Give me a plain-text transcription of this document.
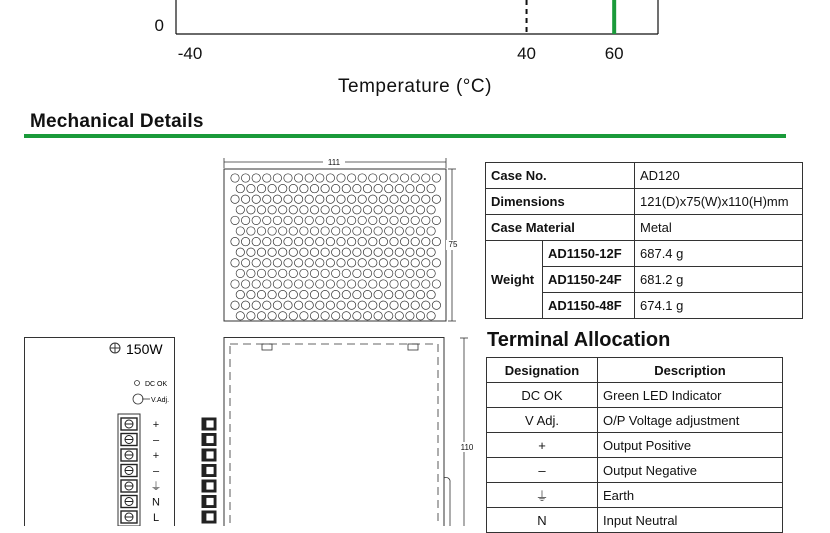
-40	40	60
0
Temperature (°C)
Mechanical Details
111
75
150W
DC OK
V.Adj.
+
–
+
–
⏚
N
L
110
Case No.		AD120
Dimensions		121(D)x75(W)x110(H)mm
Case Material		Metal
Weight	AD1150-12F	687.4 g
	AD1150-24F	681.2 g
	AD1150-48F	674.1 g
Terminal Allocation
Designation	Description
DC OK	Green LED Indicator
V Adj.	O/P Voltage adjustment
+	Output Positive
–	Output Negative
⏚	Earth
N	Input Neutral
